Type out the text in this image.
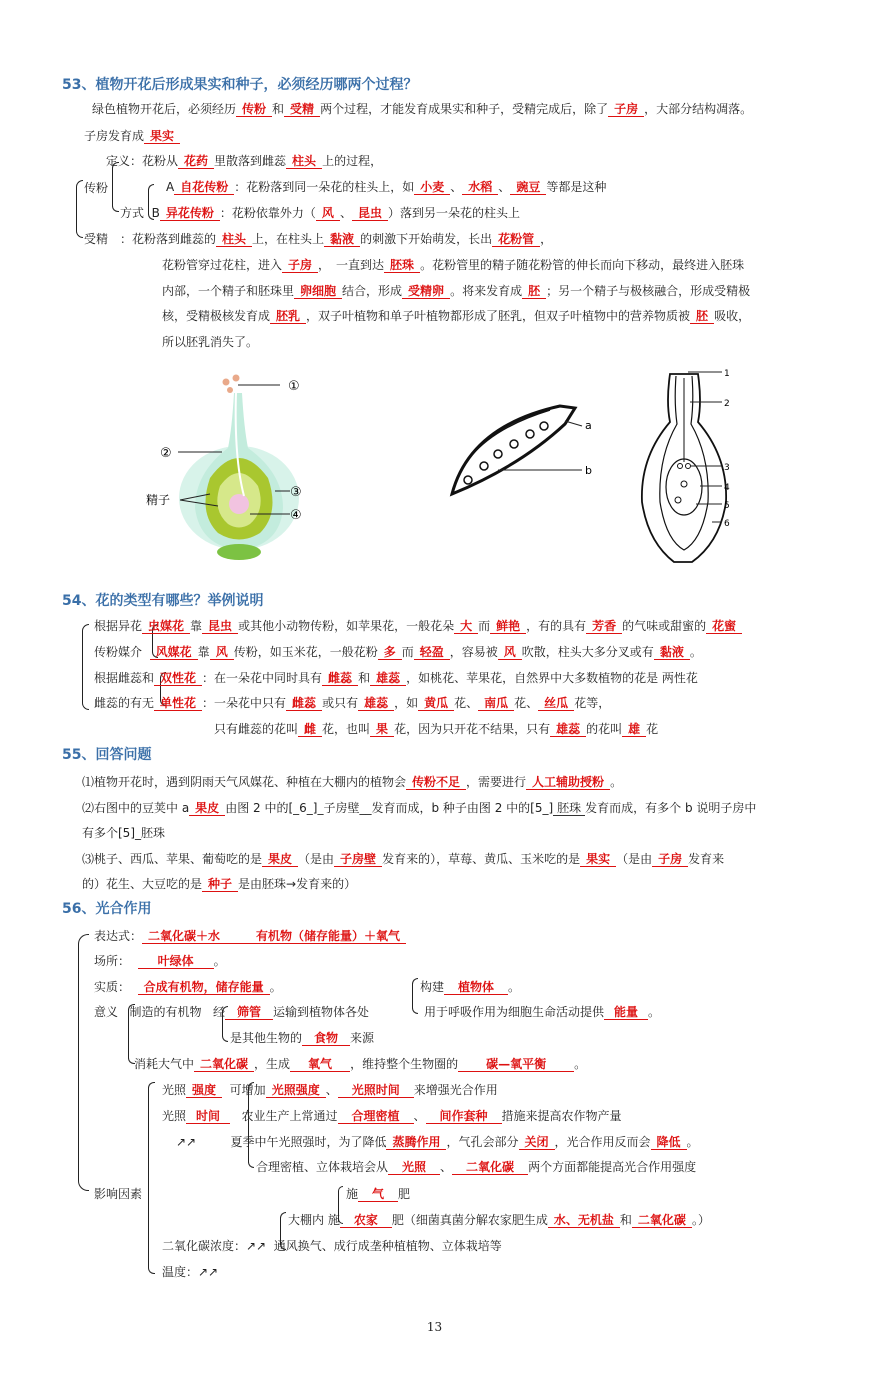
53、植物开花后形成果实和种子，必须经历哪两个过程？
绿色植物开花后，必须经历 传粉 和 受精 两个过程，才能发育成果实和种子，受精完成后，除了 子房 ，大部分结构凋落。
子房发育成 果实
定义：花粉从 花药 里散落到雌蕊 柱头 上的过程，
传粉	A 自花传粉 ：花粉落到同一朵花的柱头上，如 小麦 、 水稻 、 豌豆 等都是这种
方式 B 异花传粉 ：花粉依靠外力（ 风 、 昆虫 ）落到另一朵花的柱头上
受精　：花粉落到雌蕊的 柱头 上，在柱头上 黏液 的刺激下开始萌发，长出 花粉管 ，
花粉管穿过花柱，进入 子房 ，　一直到达 胚珠 。花粉管里的精子随花粉管的伸长而向下移动，最终进入胚珠
内部，一个精子和胚珠里 卵细胞 结合，形成 受精卵 。将来发育成 胚 ；另一个精子与极核融合，形成受精极
核，受精极核发育成 胚乳 ，双子叶植物和单子叶植物都形成了胚乳，但双子叶植物中的营养物质被 胚 吸收，
所以胚乳消失了。
①
②
③
④
精子
a
b
1
2
3
4
5
6
54、花的类型有哪些？举例说明
根据异花 虫媒花 靠 昆虫 或其他小动物传粉，如苹果花，一般花朵 大 而 鲜艳 ，有的具有 芳香 的气味或甜蜜的 花蜜
传粉媒介 风媒花 靠 风 传粉，如玉米花，一般花粉 多 而 轻盈 ，容易被 风 吹散，柱头大多分叉或有 黏液 。
根据雌蕊和 双性花 ：在一朵花中同时具有 雌蕊 和 雄蕊 ，如桃花、苹果花，自然界中大多数植物的花是 两性花
雌蕊的有无 单性花 ：一朵花中只有 雌蕊 或只有 雄蕊 ，如 黄瓜 花、 南瓜 花、 丝瓜 花等，
只有雌蕊的花叫 雌 花，也叫 果 花，因为只开花不结果，只有 雄蕊 的花叫 雄 花
55、回答问题
⑴植物开花时，遇到阴雨天气风媒花、种植在大棚内的植物会 传粉不足 ，需要进行 人工辅助授粉 。
⑵右图中的豆荚中 a 果皮 由图 2 中的[_6_]_子房壁__发育而成，b 种子由图 2 中的[5_] 胚珠 发育而成，有多个 b 说明子房中
有多个[5]_胚珠
⑶桃子、西瓜、苹果、葡萄吃的是 果皮 （是由 子房壁 发育来的），草莓、黄瓜、玉米吃的是 果实 （是由 子房 发育来
的）花生、大豆吃的是 种子 是由胚珠→发育来的）
56、光合作用
表达式： 二氧化碳＋水　　　有机物（储存能量）＋氧气
场所： 叶绿体 。
实质： 合成有机物，储存能量 。	构建 植物体 。
意义 制造的有机物 经 筛管 运输到植物体各处	用于呼吸作用为细胞生命活动提供 能量 。
是其他生物的 食物 来源
消耗大气中 二氧化碳 ，生成 氧气 ，维持整个生物圈的 碳—氧平衡 。
光照 强度 可增加 光照强度 、 光照时间 来增强光合作用
光照 时间 农业生产上常通过 合理密植 、 间作套种 措施来提高农作物产量
↗↗	夏季中午光照强时，为了降低 蒸腾作用 ，气孔会部分 关闭 ，光合作用反而会 降低 。
合理密植、立体栽培会从 光照 、 二氧化碳 两个方面都能提高光合作用强度
影响因素	施 气 肥
大棚内 施 农家 肥（细菌真菌分解农家肥生成 水、无机盐 和 二氧化碳 。）
二氧化碳浓度：↗↗ 通风换气、成行成垄种植植物、立体栽培等
温度：↗↗
13
